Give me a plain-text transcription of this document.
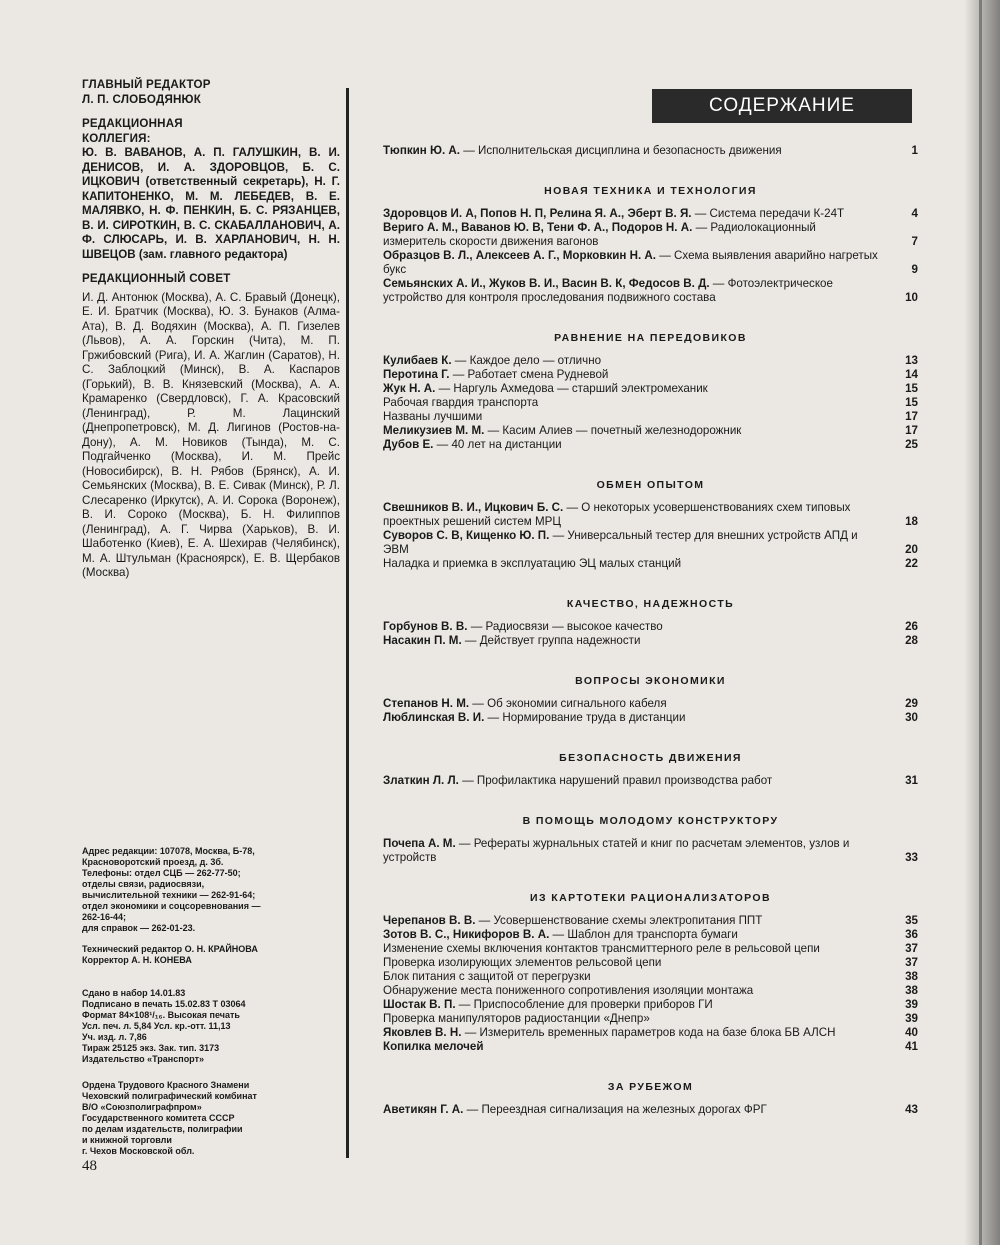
ГЛАВНЫЙ РЕДАКТОР

Л. П. СЛОБОДЯНЮК

РЕДАКЦИОННАЯ

КОЛЛЕГИЯ:

Ю. В. ВАВАНОВ, А. П. ГАЛУШКИН, В. И. ДЕНИСОВ, И. А. ЗДОРОВЦОВ, Б. С. ИЦКОВИЧ (ответственный секретарь), Н. Г. КАПИТОНЕНКО, М. М. ЛЕБЕДЕВ, В. Е. МАЛЯВКО, Н. Ф. ПЕНКИН, Б. С. РЯЗАНЦЕВ, В. И. СИРОТКИН, В. С. СКАБАЛЛАНОВИЧ, А. Ф. СЛЮСАРЬ, И. В. ХАРЛАНОВИЧ, Н. Н. ШВЕЦОВ (зам. главного редактора)

РЕДАКЦИОННЫЙ СОВЕТ

И. Д. Антонюк (Москва), А. С. Бравый (Донецк), Е. И. Братчик (Москва), Ю. З. Бунаков (Алма-Ата), В. Д. Водяхин (Москва), А. П. Гизелев (Львов), А. А. Горскин (Чита), М. П. Гржибовский (Рига), И. А. Жаглин (Саратов), Н. С. Заблоцкий (Минск), В. А. Каспаров (Горький), В. В. Князевский (Москва), А. А. Крамаренко (Свердловск), Г. А. Красовский (Ленинград), Р. М. Лацинский (Днепропетровск), М. Д. Лигинов (Ростов-на-Дону), А. М. Новиков (Тында), М. С. Подгайченко (Москва), И. М. Прейс (Новосибирск), В. Н. Рябов (Брянск), А. И. Семьянских (Москва), В. Е. Сивак (Минск), Р. Л. Слесаренко (Иркутск), А. И. Сорока (Воронеж), В. И. Сороко (Москва), Б. Н. Филиппов (Ленинград), А. Г. Чирва (Харьков), В. И. Шаботенко (Киев), Е. А. Шехирав (Челябинск), М. А. Штульман (Красноярск), Е. В. Щербаков (Москва)

Адрес редакции: 107078, Москва, Б-78,

Красноворотский проезд, д. 3б.

Телефоны: отдел СЦБ — 262-77-50;

отделы связи, радиосвязи,

вычислительной техники — 262-91-64;

отдел экономики и соцсоревнования —

262-16-44;

для справок — 262-01-23.

Технический редактор О. Н. КРАЙНОВА

Корректор А. Н. КОНЕВА

Сдано в набор 14.01.83

Подписано в печать 15.02.83 Т 03064

Формат 84×108¹/₁₆. Высокая печать

Усл. печ. л. 5,84 Усл. кр.-отт. 11,13

Уч. изд. л. 7,86

Тираж 25125 экз. Зак. тип. 3173

Издательство «Транспорт»

Ордена Трудового Красного Знамени

Чеховский полиграфический комбинат

В/О «Союзполиграфпром»

Государственного комитета СССР

по делам издательств, полиграфии

и книжной торговли

г. Чехов Московской обл.

48
СОДЕРЖАНИЕ
Тюпкин Ю. А. — Исполнительская дисциплина и безопасность движения	1
НОВАЯ ТЕХНИКА И ТЕХНОЛОГИЯ
Здоровцов И. А, Попов Н. П, Релина Я. А., Эберт В. Я. — Система передачи К-24Т	4
Вериго А. М., Ваванов Ю. В, Тени Ф. А., Подоров Н. А. — Радиолокационный измеритель скорости движения вагонов	7
Образцов В. Л., Алексеев А. Г., Морковкин Н. А. — Схема выявления аварийно нагретых букс	9
Семьянских А. И., Жуков В. И., Васин В. К, Федосов В. Д. — Фотоэлектрическое устройство для контроля проследования подвижного состава	10
РАВНЕНИЕ НА ПЕРЕДОВИКОВ
Кулибаев К. — Каждое дело — отлично	13
Перотина Г. — Работает смена Рудневой	14
Жук Н. А. — Наргуль Ахмедова — старший электромеханик	15
Рабочая гвардия транспорта	15
Названы лучшими	17
Меликузиев М. М. — Касим Алиев — почетный железнодорожник	17
Дубов Е. — 40 лет на дистанции	25
ОБМЕН ОПЫТОМ
Свешников В. И., Ицкович Б. С. — О некоторых усовершенствованиях схем типовых проектных решений систем МРЦ	18
Суворов С. В, Кищенко Ю. П. — Универсальный тестер для внешних устройств АПД и ЭВМ	20
Наладка и приемка в эксплуатацию ЭЦ малых станций	22
КАЧЕСТВО, НАДЕЖНОСТЬ
Горбунов В. В. — Радиосвязи — высокое качество	26
Насакин П. М. — Действует группа надежности	28
ВОПРОСЫ ЭКОНОМИКИ
Степанов Н. М. — Об экономии сигнального кабеля	29
Люблинская В. И. — Нормирование труда в дистанции	30
БЕЗОПАСНОСТЬ ДВИЖЕНИЯ
Златкин Л. Л. — Профилактика нарушений правил производства работ	31
В ПОМОЩЬ МОЛОДОМУ КОНСТРУКТОРУ
Почепа А. М. — Рефераты журнальных статей и книг по расчетам элементов, узлов и устройств	33
ИЗ КАРТОТЕКИ РАЦИОНАЛИЗАТОРОВ
Черепанов В. В. — Усовершенствование схемы электропитания ППТ	35
Зотов В. С., Никифоров В. А. — Шаблон для транспорта бумаги	36
Изменение схемы включения контактов трансмиттерного реле в рельсовой цепи	37
Проверка изолирующих элементов рельсовой цепи	37
Блок питания с защитой от перегрузки	38
Обнаружение места пониженного сопротивления изоляции монтажа	38
Шостак В. П. — Приспособление для проверки приборов ГИ	39
Проверка манипуляторов радиостанции «Днепр»	39
Яковлев В. Н. — Измеритель временных параметров кода на базе блока БВ АЛСН	40
Копилка мелочей	41
ЗА РУБЕЖОМ
Аветикян Г. А. — Переездная сигнализация на железных дорогах ФРГ	43
